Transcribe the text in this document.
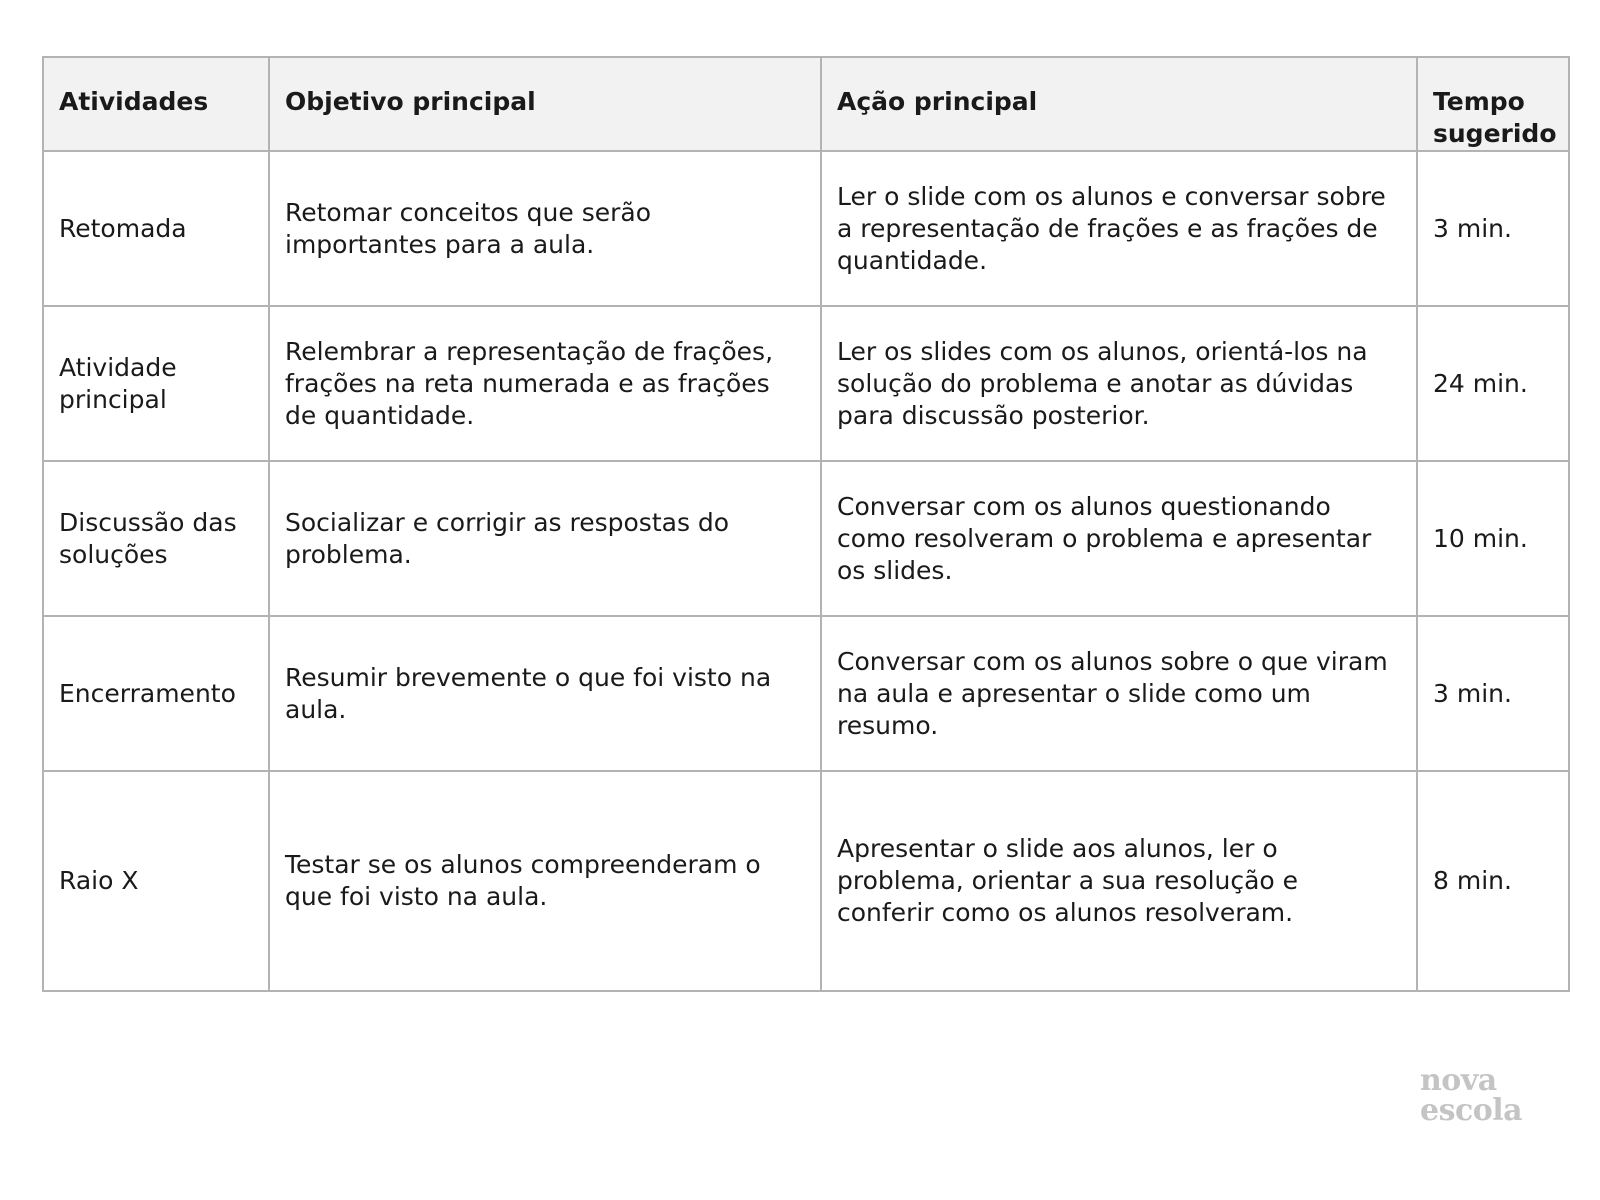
Atividades	Objetivo principal	Ação principal	Tempo sugerido
Retomada	Retomar conceitos que serão importantes para a aula.	Ler o slide com os alunos e conversar sobre a representação de frações e as frações de quantidade.	3 min.
Atividade principal	Relembrar a representação de frações, frações na reta numerada e as frações de quantidade.	Ler os slides com os alunos, orientá-los na solução do problema e anotar as dúvidas para discussão posterior.	24 min.
Discussão das soluções	Socializar e corrigir as respostas do problema.	Conversar com os alunos questionando como resolveram o problema e apresentar os slides.	10 min.
Encerramento	Resumir brevemente o que foi visto na aula.	Conversar com os alunos sobre o que viram na aula e apresentar o slide como um resumo.	3 min.
Raio X	Testar se os alunos compreenderam o que foi visto na aula.	Apresentar o slide aos alunos, ler o problema, orientar a sua resolução e conferir como os alunos resolveram.	8 min.
nova
escola
